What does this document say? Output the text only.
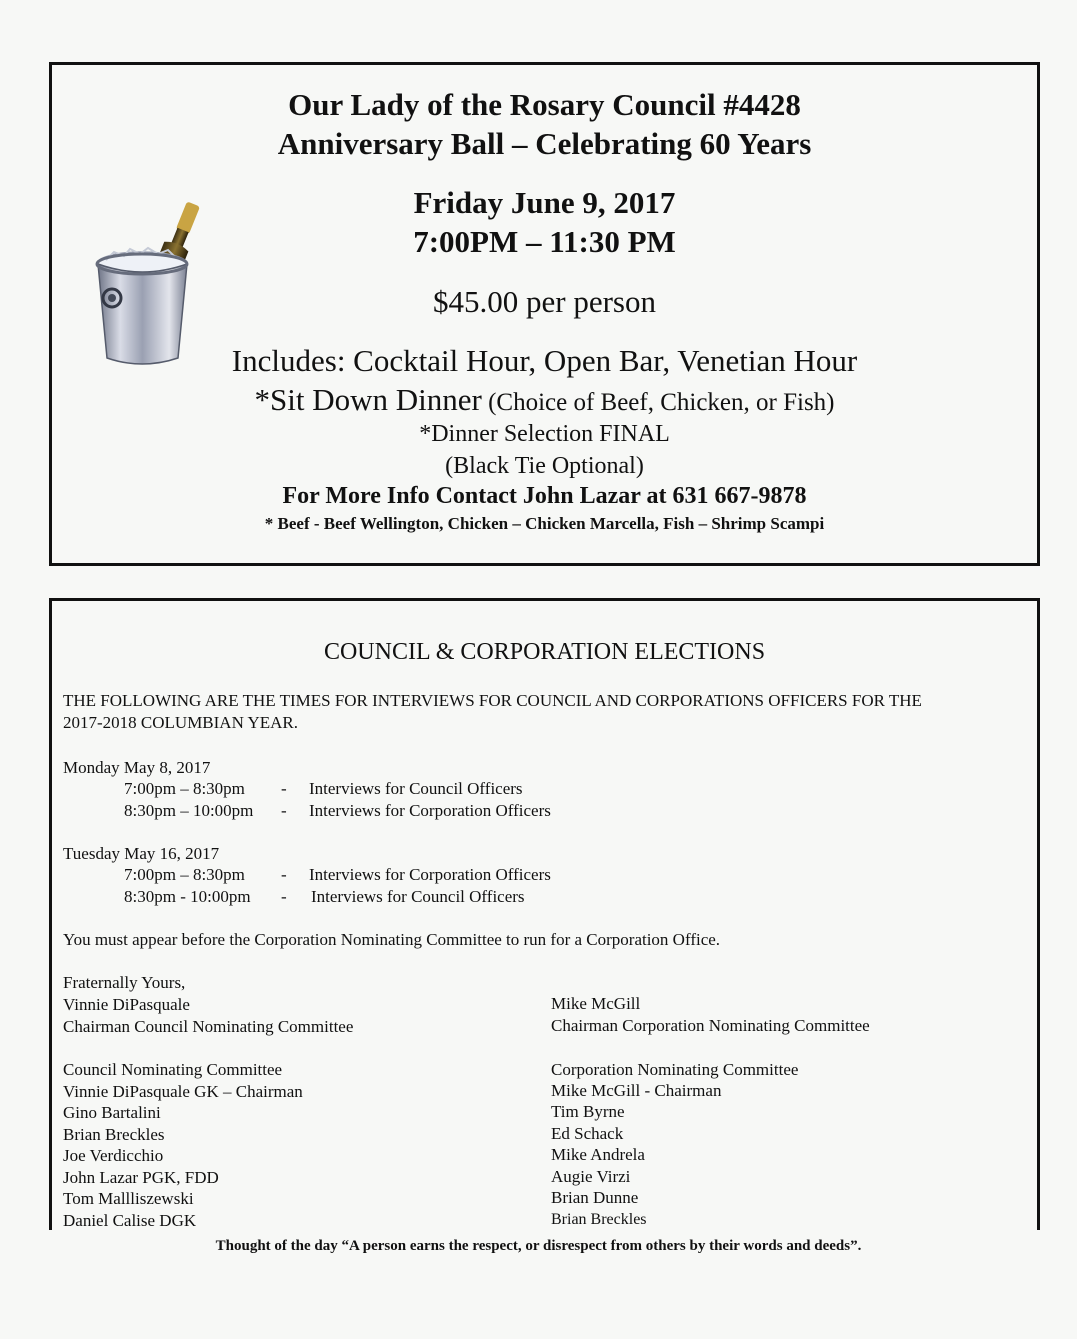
Our Lady of the Rosary Council #4428
Anniversary Ball – Celebrating 60 Years
Friday June 9, 2017
7:00PM – 11:30 PM
$45.00 per person
Includes: Cocktail Hour, Open Bar, Venetian Hour
*Sit Down Dinner (Choice of Beef, Chicken, or Fish)
*Dinner Selection FINAL
(Black Tie Optional)
For More Info Contact John Lazar at 631 667-9878
* Beef - Beef Wellington, Chicken – Chicken Marcella, Fish – Shrimp Scampi
COUNCIL & CORPORATION ELECTIONS
THE FOLLOWING ARE THE TIMES FOR INTERVIEWS FOR COUNCIL AND CORPORATIONS OFFICERS FOR THE
2017-2018 COLUMBIAN YEAR.
Monday May 8, 2017
7:00pm – 8:30pm - Interviews for Council Officers
8:30pm – 10:00pm - Interviews for Corporation Officers
Tuesday May 16, 2017
7:00pm – 8:30pm - Interviews for Corporation Officers
8:30pm - 10:00pm - Interviews for Council Officers
You must appear before the Corporation Nominating Committee to run for a Corporation Office.
Fraternally Yours,
Vinnie DiPasquale
Chairman Council Nominating Committee
Mike McGill
Chairman Corporation Nominating Committee
Council Nominating Committee
Vinnie DiPasquale GK – Chairman
Gino Bartalini
Brian Breckles
Joe Verdicchio
John Lazar PGK, FDD
Tom Mallliszewski
Daniel Calise DGK
Corporation Nominating Committee
Mike McGill - Chairman
Tim Byrne
Ed Schack
Mike Andrela
Augie Virzi
Brian Dunne
Brian Breckles
Thought of the day “A person earns the respect, or disrespect from others by their words and deeds”.
